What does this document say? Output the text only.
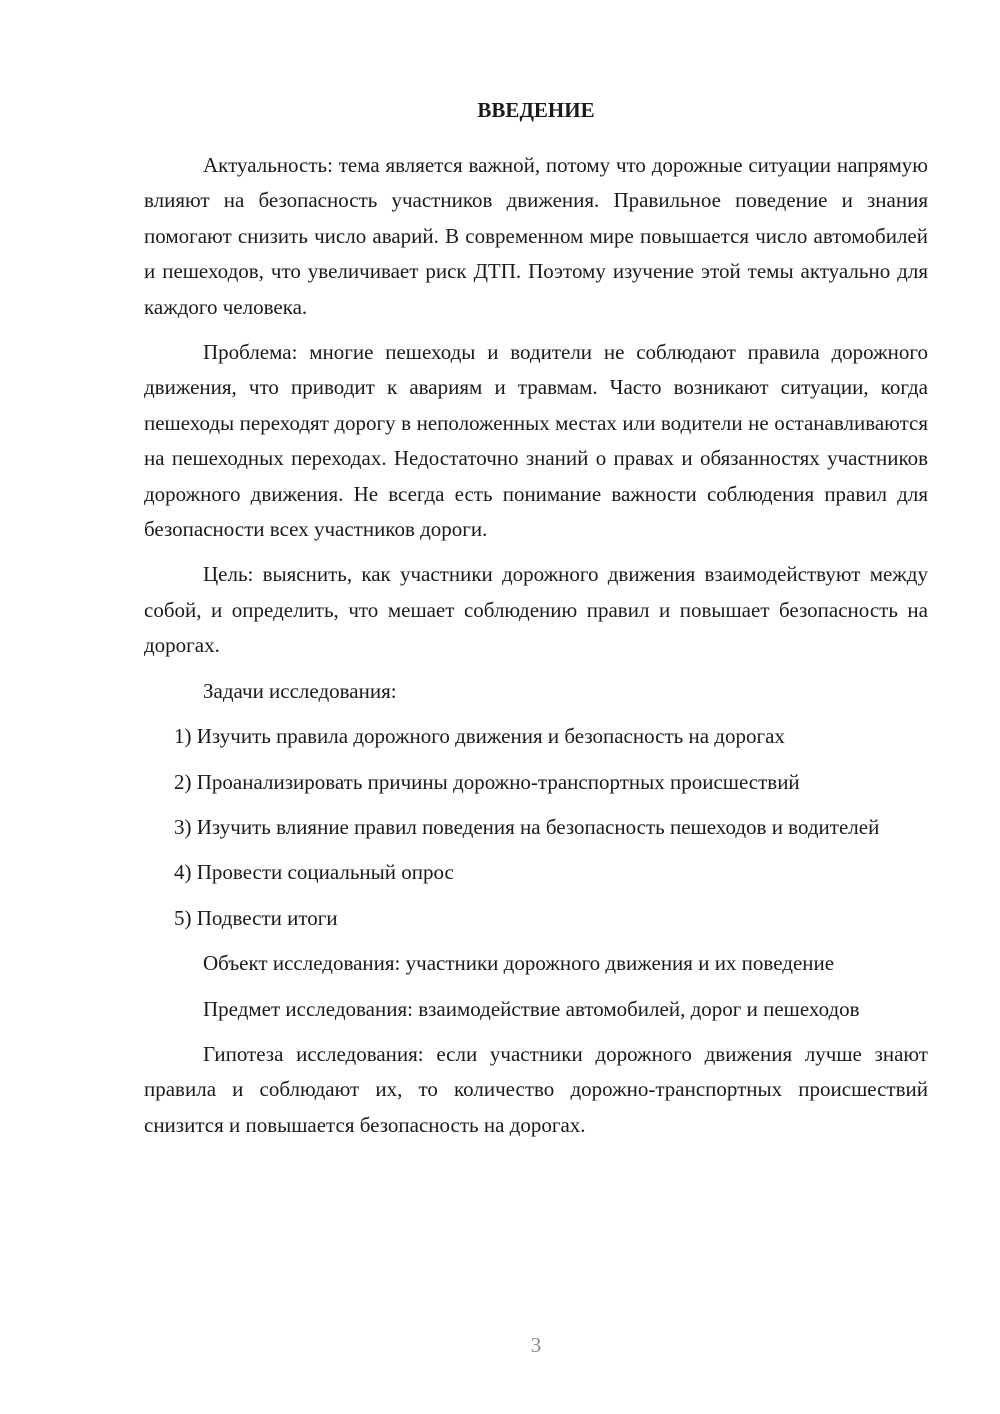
ВВЕДЕНИЕ

Актуальность: тема является важной, потому что дорожные ситуации напрямую влияют на безопасность участников движения. Правильное поведение и знания помогают снизить число аварий. В современном мире повышается число автомобилей и пешеходов, что увеличивает риск ДТП. Поэтому изучение этой темы актуально для каждого человека.

Проблема: многие пешеходы и водители не соблюдают правила дорожного движения, что приводит к авариям и травмам. Часто возникают ситуации, когда пешеходы переходят дорогу в неположенных местах или водители не останавливаются на пешеходных переходах. Недостаточно знаний о правах и обязанностях участников дорожного движения. Не всегда есть понимание важности соблюдения правил для безопасности всех участников дороги.

Цель: выяснить, как участники дорожного движения взаимодействуют между собой, и определить, что мешает соблюдению правил и повышает безопасность на дорогах.

Задачи исследования:

1) Изучить правила дорожного движения и безопасность на дорогах

2) Проанализировать причины дорожно-транспортных происшествий

3) Изучить влияние правил поведения на безопасность пешеходов и водителей

4) Провести социальный опрос

5) Подвести итоги

Объект исследования: участники дорожного движения и их поведение

Предмет исследования: взаимодействие автомобилей, дорог и пешеходов

Гипотеза исследования: если участники дорожного движения лучше знают правила и соблюдают их, то количество дорожно-транспортных происшествий снизится и повышается безопасность на дорогах.

3
